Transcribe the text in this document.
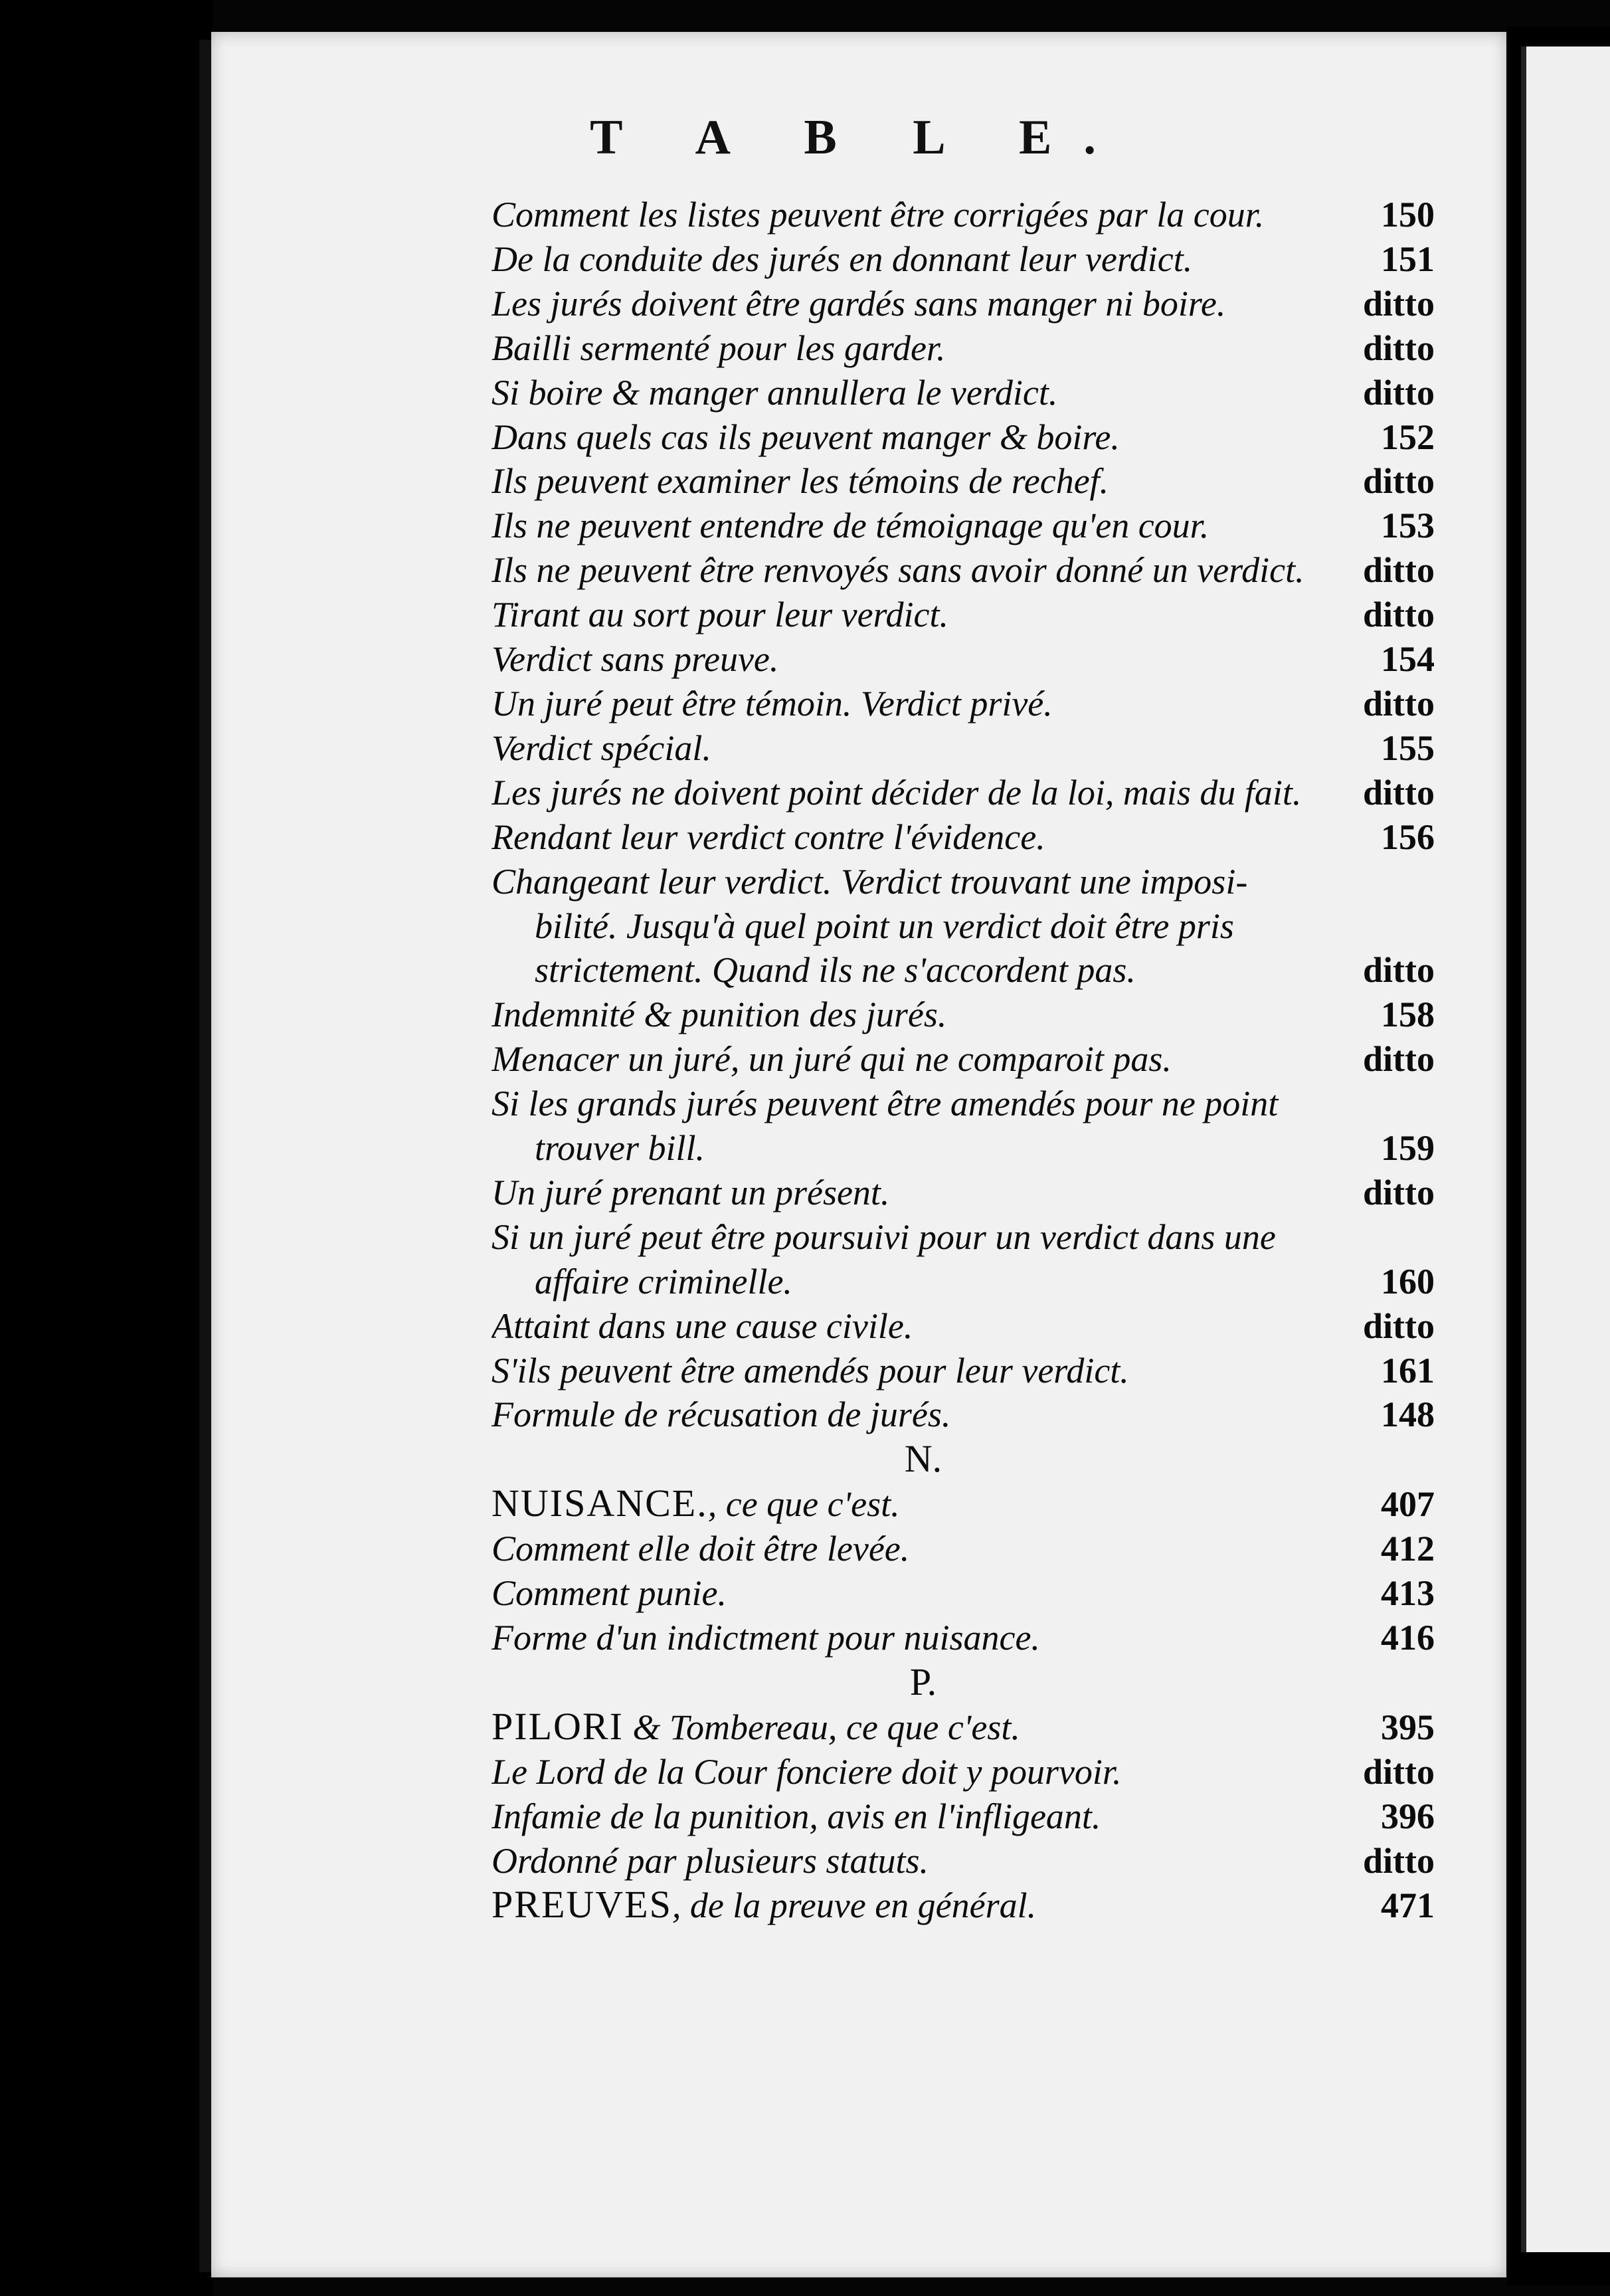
T A B L E.
Comment les listes peuvent être corrigées par la cour.	150
De la conduite des jurés en donnant leur verdict.	151
Les jurés doivent être gardés sans manger ni boire.	ditto
Bailli sermenté pour les garder.	ditto
Si boire & manger annullera le verdict.	ditto
Dans quels cas ils peuvent manger & boire.	152
Ils peuvent examiner les témoins de rechef.	ditto
Ils ne peuvent entendre de témoignage qu'en cour.	153
Ils ne peuvent être renvoyés sans avoir donné un verdict.	ditto
Tirant au sort pour leur verdict.	ditto
Verdict sans preuve.	154
Un juré peut être témoin. Verdict privé.	ditto
Verdict spécial.	155
Les jurés ne doivent point décider de la loi, mais du fait.	ditto
Rendant leur verdict contre l'évidence.	156
Changeant leur verdict. Verdict trouvant une imposi-
bilité. Jusqu'à quel point un verdict doit être pris
strictement. Quand ils ne s'accordent pas.	ditto
Indemnité & punition des jurés.	158
Menacer un juré, un juré qui ne comparoit pas.	ditto
Si les grands jurés peuvent être amendés pour ne point
trouver bill.	159
Un juré prenant un présent.	ditto
Si un juré peut être poursuivi pour un verdict dans une
affaire criminelle.	160
Attaint dans une cause civile.	ditto
S'ils peuvent être amendés pour leur verdict.	161
Formule de récusation de jurés.	148
N.
NUISANCE., ce que c'est.	407
Comment elle doit être levée.	412
Comment punie.	413
Forme d'un indictment pour nuisance.	416
P.
PILORI & Tombereau, ce que c'est.	395
Le Lord de la Cour fonciere doit y pourvoir.	ditto
Infamie de la punition, avis en l'infligeant.	396
Ordonné par plusieurs statuts.	ditto
PREUVES, de la preuve en général.	471
